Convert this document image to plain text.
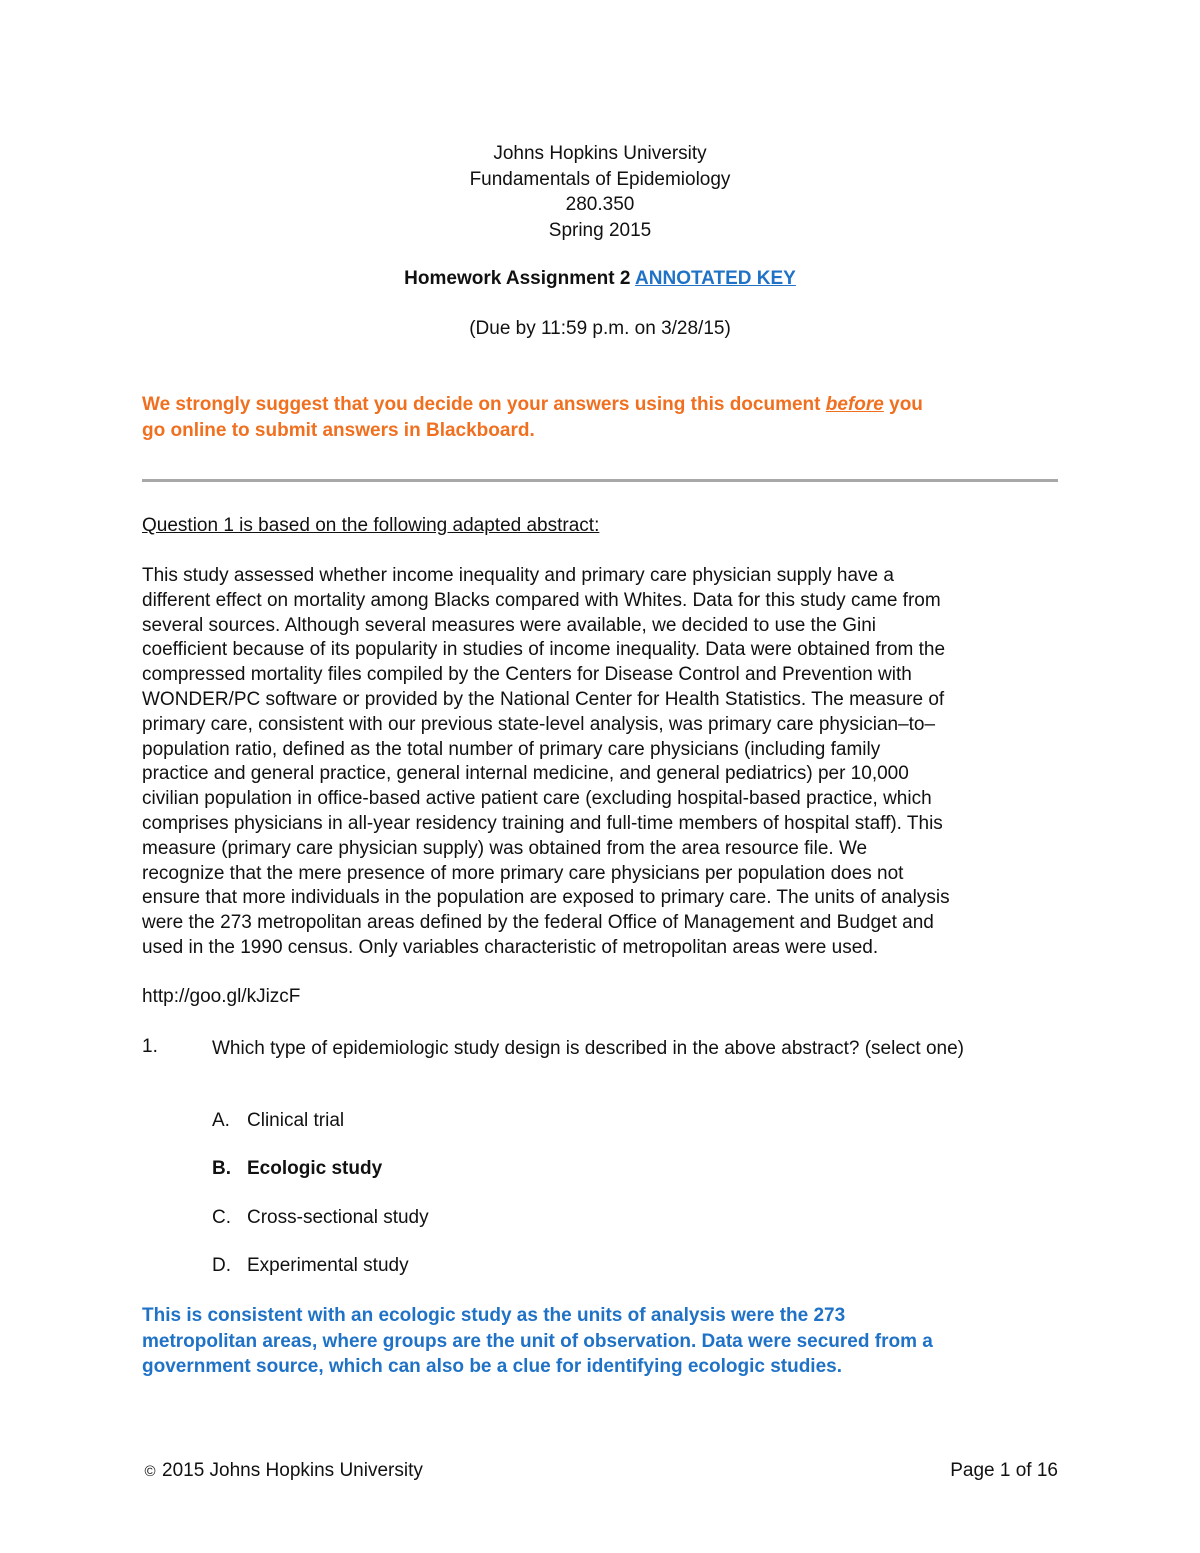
Johns Hopkins University
Fundamentals of Epidemiology
280.350
Spring 2015
Homework Assignment 2 ANNOTATED KEY
(Due by 11:59 p.m. on 3/28/15)
We strongly suggest that you decide on your answers using this document before you
go online to submit answers in Blackboard.
Question 1 is based on the following adapted abstract:
This study assessed whether income inequality and primary care physician supply have a
different effect on mortality among Blacks compared with Whites. Data for this study came from
several sources. Although several measures were available, we decided to use the Gini
coefficient because of its popularity in studies of income inequality. Data were obtained from the
compressed mortality files compiled by the Centers for Disease Control and Prevention with
WONDER/PC software or provided by the National Center for Health Statistics. The measure of
primary care, consistent with our previous state-level analysis, was primary care physician–to–
population ratio, defined as the total number of primary care physicians (including family
practice and general practice, general internal medicine, and general pediatrics) per 10,000
civilian population in office-based active patient care (excluding hospital-based practice, which
comprises physicians in all-year residency training and full-time members of hospital staff). This
measure (primary care physician supply) was obtained from the area resource file. We
recognize that the mere presence of more primary care physicians per population does not
ensure that more individuals in the population are exposed to primary care. The units of analysis
were the 273 metropolitan areas defined by the federal Office of Management and Budget and
used in the 1990 census. Only variables characteristic of metropolitan areas were used.
http://goo.gl/kJizcF
1.	Which type of epidemiologic study design is described in the above abstract? (select one)
A. Clinical trial
B. Ecologic study
C. Cross-sectional study
D. Experimental study
This is consistent with an ecologic study as the units of analysis were the 273
metropolitan areas, where groups are the unit of observation. Data were secured from a
government source, which can also be a clue for identifying ecologic studies.
© 2015 Johns Hopkins University	Page 1 of 16
